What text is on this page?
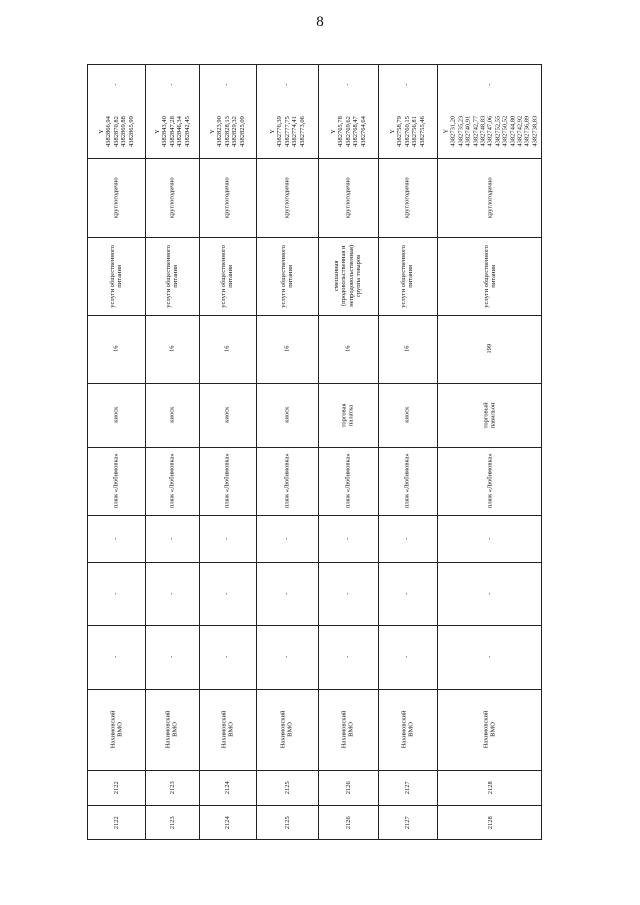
8
2122
2122
Нахимовский ВМО
-
-
-
пляж «Любимовка»
киоск
16
услуги общественного питания
круглогодично
-
Y 4382866,94 4382870,82 4382869,88 4382865,99
2123
2123
Нахимовский ВМО
-
-
-
пляж «Любимовка»
киоск
16
услуги общественного питания
круглогодично
-
Y 4382843,40 4382847,28 4382846,34 4382842,45
2124
2124
Нахимовский ВМО
-
-
-
пляж «Любимовка»
киоск
16
услуги общественного питания
круглогодично
-
Y 4382823,90 4382828,13 4382829,32 4382825,09
2125
2125
Нахимовский ВМО
-
-
-
пляж «Любимовка»
киоск
16
услуги общественного питания
круглогодично
-
Y 4382776,39 4382777,75 4382774,41 4382773,06
2126
2126
Нахимовский ВМО
-
-
-
пляж «Любимовка»
торговая палатка
16
смешанная (продовольственная и непродовольственная) группа товаров
круглогодично
-
Y 4382765,78 4382769,62 4382768,47 4382764,64
2127
2127
Нахимовский ВМО
-
-
-
пляж «Любимовка»
киоск
16
услуги общественного питания
круглогодично
-
Y 4382758,79 4382760,15 4382756,81 4382755,46
2128
2128
Нахимовский ВМО
-
-
-
пляж «Любимовка»
торговый павильон
199
услуги общественного питания
круглогодично
-
Y 4382731,20 4382735,23 4382740,91 4382742,77 4382748,83 4382747,06 4382752,55 4382750,52 4382744,80 4382742,92 4382736,89 4382738,83
